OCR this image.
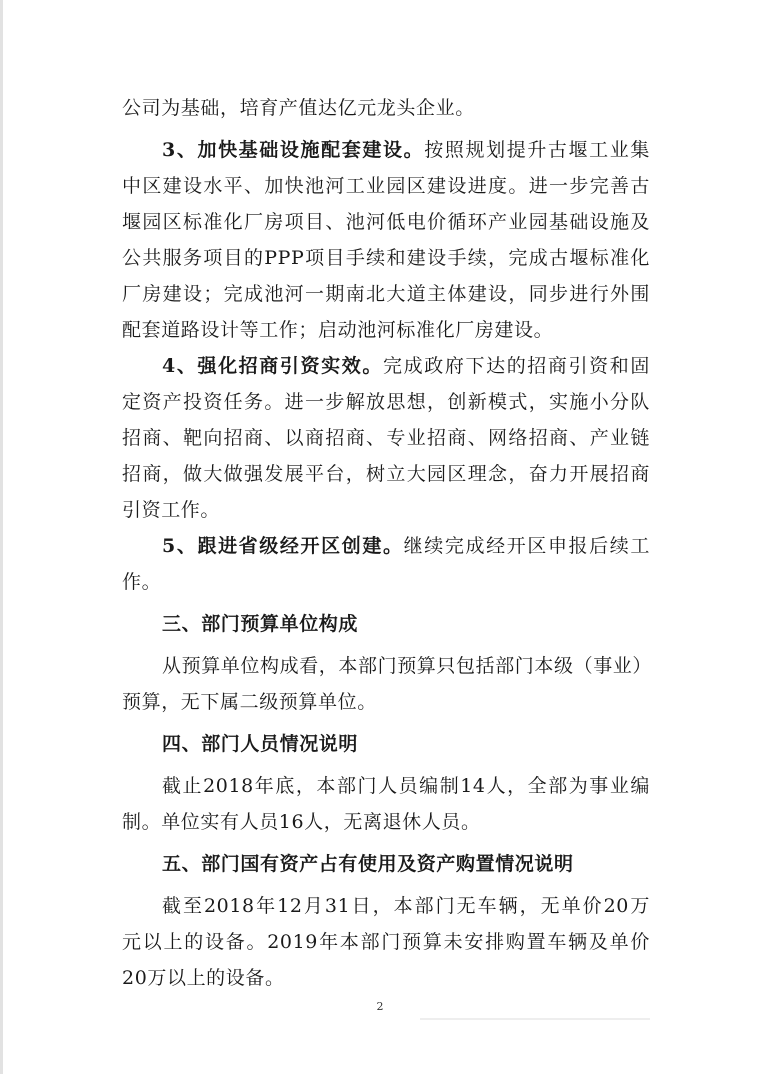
公司为基础，培育产值达亿元龙头企业。
3、加快基础设施配套建设。按照规划提升古堰工业集
中区建设水平、加快池河工业园区建设进度。进一步完善古
堰园区标准化厂房项目、池河低电价循环产业园基础设施及
公共服务项目的PPP项目手续和建设手续，完成古堰标准化
厂房建设；完成池河一期南北大道主体建设，同步进行外围
配套道路设计等工作；启动池河标准化厂房建设。
4、强化招商引资实效。完成政府下达的招商引资和固
定资产投资任务。进一步解放思想，创新模式，实施小分队
招商、靶向招商、以商招商、专业招商、网络招商、产业链
招商，做大做强发展平台，树立大园区理念，奋力开展招商
引资工作。
5、跟进省级经开区创建。继续完成经开区申报后续工
作。
三、部门预算单位构成
从预算单位构成看，本部门预算只包括部门本级（事业）
预算，无下属二级预算单位。
四、部门人员情况说明
截止2018年底，本部门人员编制14人，全部为事业编
制。单位实有人员16人，无离退休人员。
五、部门国有资产占有使用及资产购置情况说明
截至2018年12月31日，本部门无车辆，无单价20万
元以上的设备。2019年本部门预算未安排购置车辆及单价
20万以上的设备。
2
